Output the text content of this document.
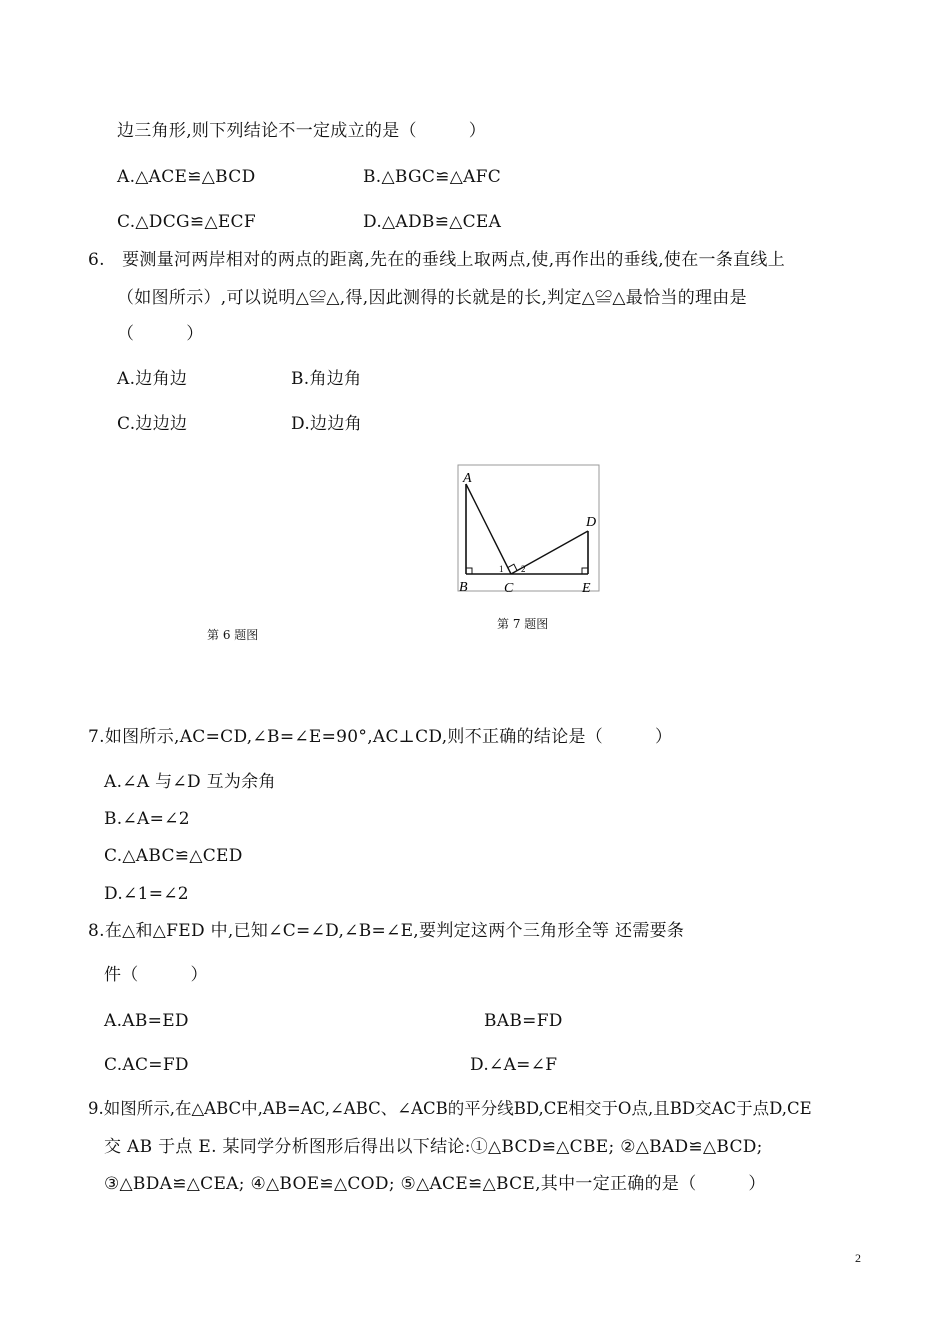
边三角形,则下列结论不一定成立的是（　　　）
A.△ACE≌△BCD	B.△BGC≌△AFC
C.△DCG≌△ECF	D.△ADB≌△CEA
6.　要测量河两岸相对的两点的距离,先在的垂线上取两点,使,再作出的垂线,使在一条直线上
（如图所示）,可以说明△≌△,得,因此测得的长就是的长,判定△≌△最恰当的理由是
（　　　）
A.边角边	B.角边角
C.边边边	D.边边角
A
B	C
D
E
1 2
第 7 题图
第 6 题图
7.如图所示,AC=CD,∠B=∠E=90°,AC⊥CD,则不正确的结论是（　　　）
A.∠A 与∠D 互为余角
B.∠A=∠2
C.△ABC≌△CED
D.∠1=∠2
8.在△和△FED 中,已知∠C=∠D,∠B=∠E,要判定这两个三角形全等 还需要条
件（　　　）
A.AB=ED	BAB=FD
C.AC=FD	D.∠A=∠F
9.如图所示,在△ABC中,AB=AC,∠ABC、∠ACB的平分线BD,CE相交于O点,且BD交AC于点D,CE
交 AB 于点 E. 某同学分析图形后得出以下结论:①△BCD≌△CBE; ②△BAD≌△BCD;
③△BDA≌△CEA; ④△BOE≌△COD; ⑤△ACE≌△BCE,其中一定正确的是（　　　）
2
